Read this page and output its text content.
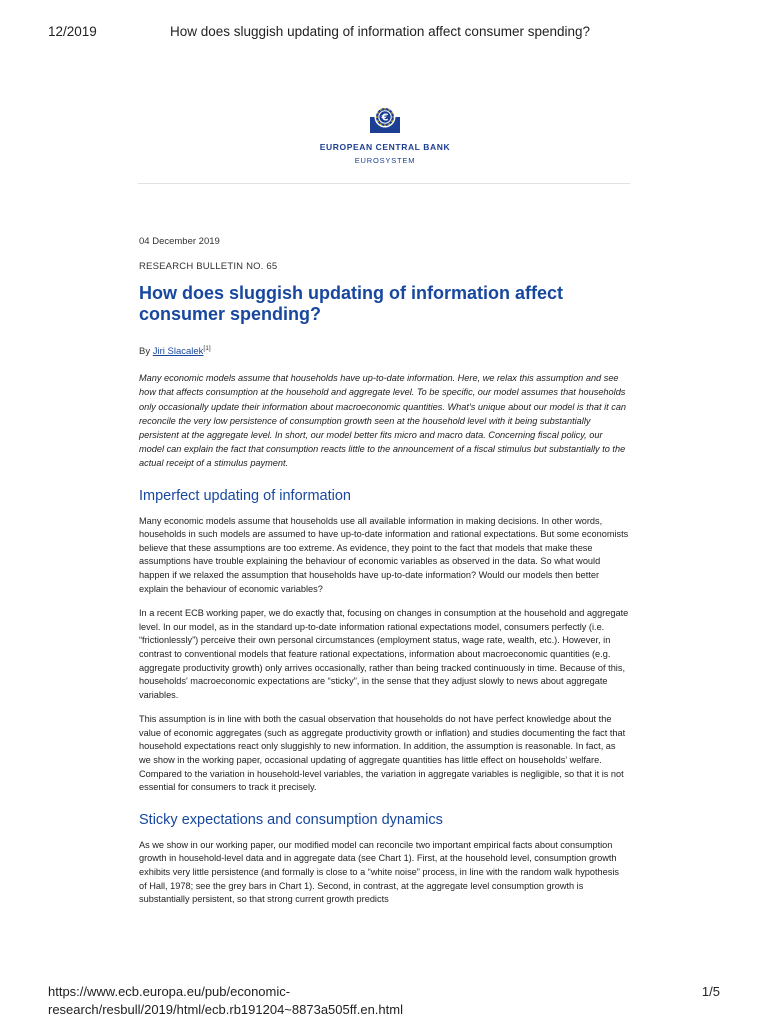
12/2019	How does sluggish updating of information affect consumer spending?
€
EUROPEAN CENTRAL BANK
EUROSYSTEM

04 December 2019

RESEARCH BULLETIN NO. 65

How does sluggish updating of information affect consumer spending?

By Jiri Slacalek[1]

Many economic models assume that households have up-to-date information. Here, we relax this assumption and see how that affects consumption at the household and aggregate level. To be specific, our model assumes that households only occasionally update their information about macroeconomic quantities. What’s unique about our model is that it can reconcile the very low persistence of consumption growth seen at the household level with it being substantially persistent at the aggregate level. In short, our model better fits micro and macro data. Concerning fiscal policy, our model can explain the fact that consumption reacts little to the announcement of a fiscal stimulus but substantially to the actual receipt of a stimulus payment.

Imperfect updating of information

Many economic models assume that households use all available information in making decisions. In other words, households in such models are assumed to have up-to-date information and rational expectations. But some economists believe that these assumptions are too extreme. As evidence, they point to the fact that models that make these assumptions have trouble explaining the behaviour of economic variables as observed in the data. So what would happen if we relaxed the assumption that households have up-to-date information? Would our models then better explain the behaviour of economic variables?

In a recent ECB working paper, we do exactly that, focusing on changes in consumption at the household and aggregate level. In our model, as in the standard up-to-date information rational expectations model, consumers perfectly (i.e. “frictionlessly”) perceive their own personal circumstances (employment status, wage rate, wealth, etc.). However, in contrast to conventional models that feature rational expectations, information about macroeconomic quantities (e.g. aggregate productivity growth) only arrives occasionally, rather than being tracked continuously in time. Because of this, households' macroeconomic expectations are “sticky”, in the sense that they adjust slowly to news about aggregate variables.

This assumption is in line with both the casual observation that households do not have perfect knowledge about the value of economic aggregates (such as aggregate productivity growth or inflation) and studies documenting the fact that household expectations react only sluggishly to new information. In addition, the assumption is reasonable. In fact, as we show in the working paper, occasional updating of aggregate quantities has little effect on households’ welfare. Compared to the variation in household-level variables, the variation in aggregate variables is negligible, so that it is not essential for consumers to track it precisely.

Sticky expectations and consumption dynamics

As we show in our working paper, our modified model can reconcile two important empirical facts about consumption growth in household-level data and in aggregate data (see Chart 1). First, at the household level, consumption growth exhibits very little persistence (and formally is close to a “white noise” process, in line with the random walk hypothesis of Hall, 1978; see the grey bars in Chart 1). Second, in contrast, at the aggregate level consumption growth is substantially persistent, so that strong current growth predicts

https://www.ecb.europa.eu/pub/economic-research/resbull/2019/html/ecb.rb191204~8873a505ff.en.html
1/5
